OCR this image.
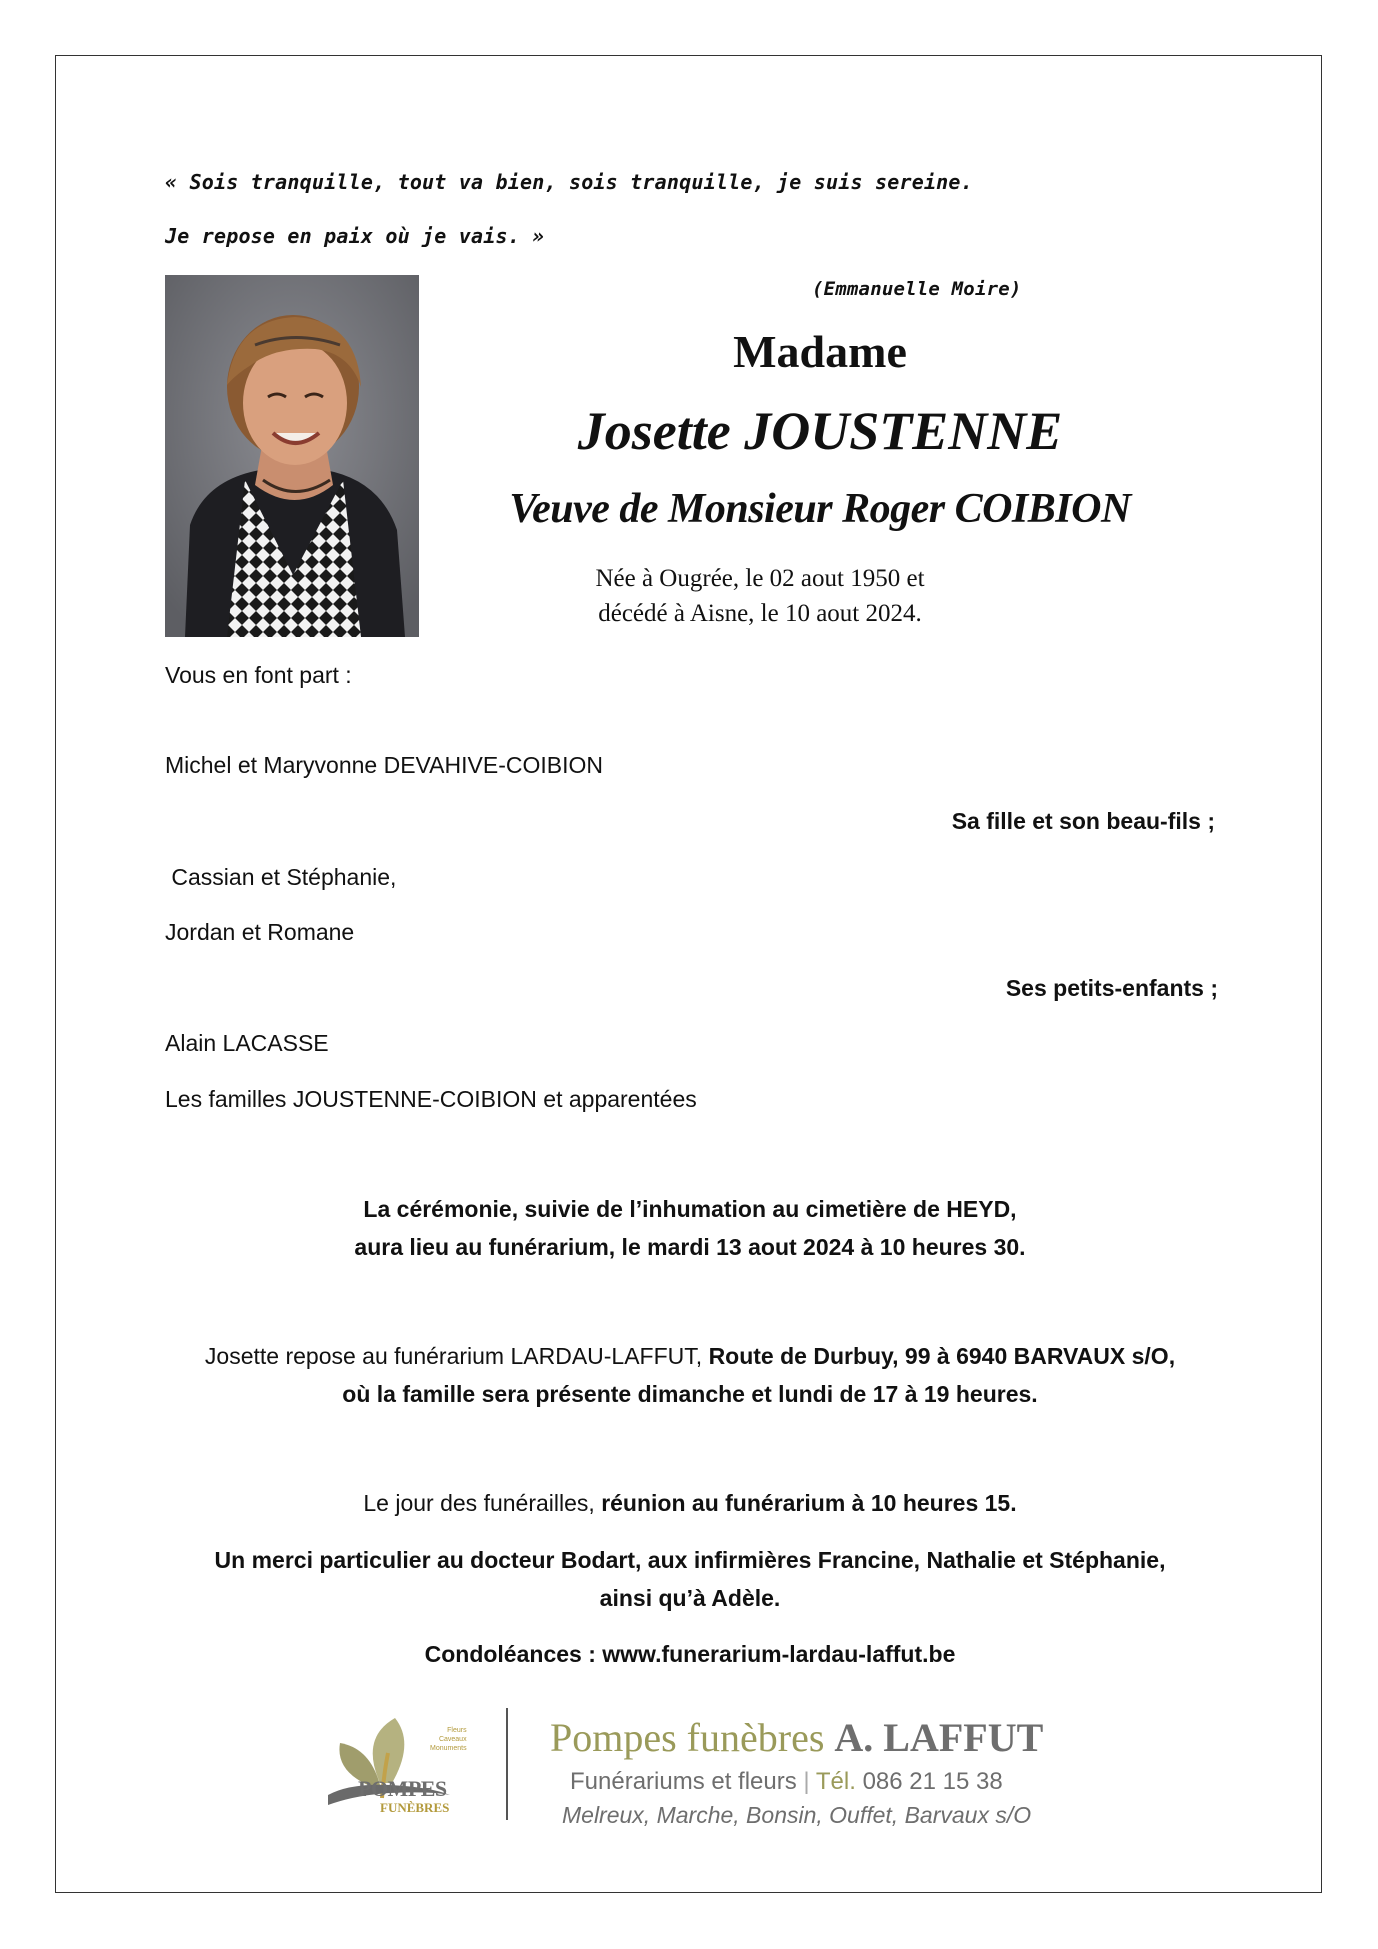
« Sois tranquille, tout va bien, sois tranquille, je suis sereine.
Je repose en paix où je vais. »
(Emmanuelle Moire)
Madame
Josette JOUSTENNE
Veuve de Monsieur Roger COIBION
Née à Ougrée, le 02 aout 1950 et
décédé à Aisne, le 10 aout 2024.
Vous en font part :
Michel et Maryvonne DEVAHIVE-COIBION
Sa fille et son beau-fils ;
Cassian et Stéphanie,
Jordan et Romane
Ses petits-enfants ;
Alain LACASSE
Les familles JOUSTENNE-COIBION et apparentées
La cérémonie, suivie de l’inhumation au cimetière de HEYD,
aura lieu au funérarium, le mardi 13 aout 2024 à 10 heures 30.
Josette repose au funérarium LARDAU-LAFFUT, Route de Durbuy, 99 à 6940 BARVAUX s/O,
où la famille sera présente dimanche et lundi de 17 à 19 heures.
Le jour des funérailles, réunion au funérarium à 10 heures 15.
Un merci particulier au docteur Bodart, aux infirmières Francine, Nathalie et Stéphanie,
ainsi qu’à Adèle.
Condoléances : www.funerarium-lardau-laffut.be
Fleurs
Caveaux
Monuments
POMPES
FUNÈBRES
Pompes funèbres A. LAFFUT
Funérariums et fleurs | Tél. 086 21 15 38
Melreux, Marche, Bonsin, Ouffet, Barvaux s/O
